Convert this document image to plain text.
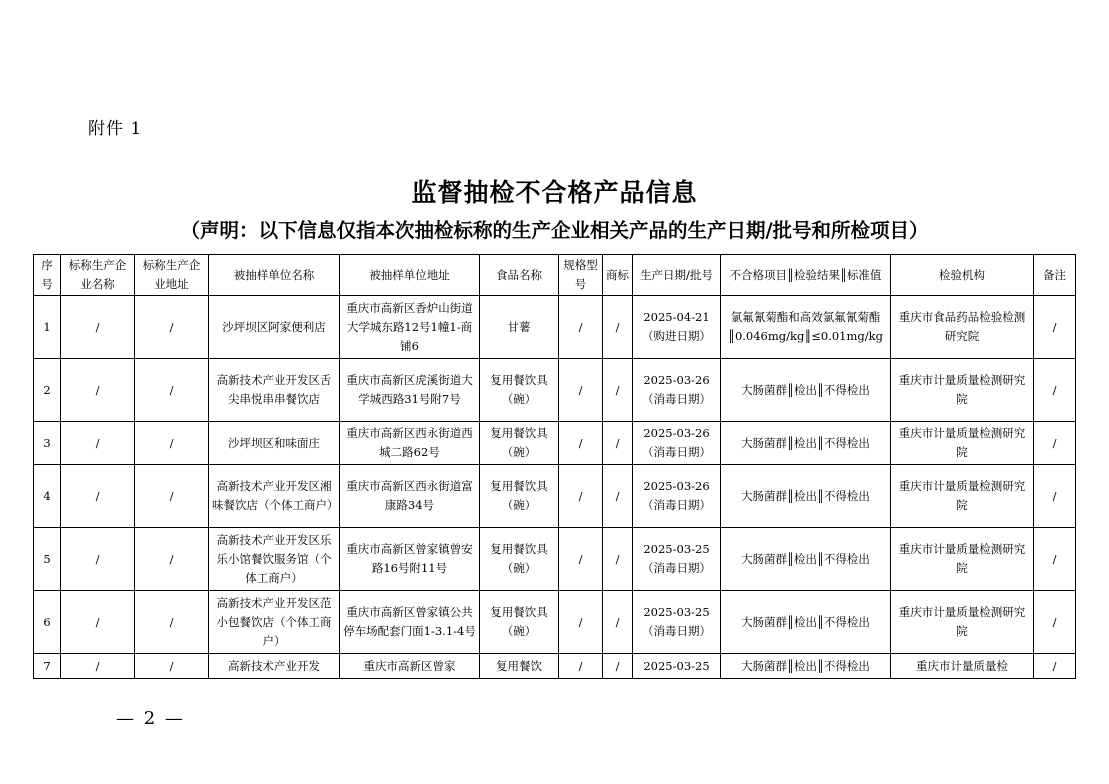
附件 1
监督抽检不合格产品信息
（声明：以下信息仅指本次抽检标称的生产企业相关产品的生产日期/批号和所检项目）
序号	标称生产企业名称	标称生产企业地址	被抽样单位名称	被抽样单位地址	食品名称	规格型号	商标	生产日期/批号	不合格项目║检验结果║标准值	检验机构	备注
1	/	/	沙坪坝区阿家便利店	重庆市高新区香炉山街道大学城东路12号1幢1-商铺6	甘薯	/	/	2025-04-21（购进日期）	氯氟氰菊酯和高效氯氟氰菊酯║0.046mg/kg║≤0.01mg/kg	重庆市食品药品检验检测研究院	/
2	/	/	高新技术产业开发区舌尖串悦串串餐饮店	重庆市高新区虎溪街道大学城西路31号附7号	复用餐饮具（碗）	/	/	2025-03-26（消毒日期）	大肠菌群║检出║不得检出	重庆市计量质量检测研究院	/
3	/	/	沙坪坝区和味面庄	重庆市高新区西永街道西城二路62号	复用餐饮具（碗）	/	/	2025-03-26（消毒日期）	大肠菌群║检出║不得检出	重庆市计量质量检测研究院	/
4	/	/	高新技术产业开发区湘味餐饮店（个体工商户）	重庆市高新区西永街道富康路34号	复用餐饮具（碗）	/	/	2025-03-26（消毒日期）	大肠菌群║检出║不得检出	重庆市计量质量检测研究院	/
5	/	/	高新技术产业开发区乐乐小馆餐饮服务馆（个体工商户）	重庆市高新区曾家镇曾安路16号附11号	复用餐饮具（碗）	/	/	2025-03-25（消毒日期）	大肠菌群║检出║不得检出	重庆市计量质量检测研究院	/
6	/	/	高新技术产业开发区范小包餐饮店（个体工商户）	重庆市高新区曾家镇公共停车场配套门面1-3.1-4号	复用餐饮具（碗）	/	/	2025-03-25（消毒日期）	大肠菌群║检出║不得检出	重庆市计量质量检测研究院	/
7	/	/	高新技术产业开发	重庆市高新区曾家	复用餐饮	/	/	2025-03-25	大肠菌群║检出║不得检出	重庆市计量质量检	/
— 2 —
